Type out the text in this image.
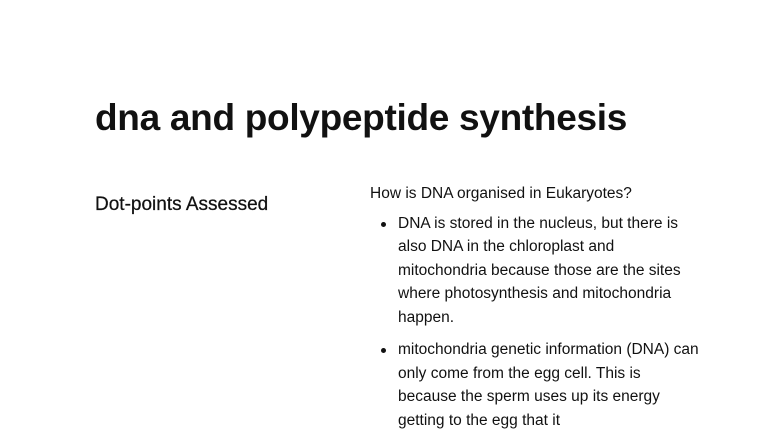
dna and polypeptide synthesis
Dot-points Assessed

How is DNA organised in Eukaryotes?

DNA is stored in the nucleus, but there is also DNA in the chloroplast and mitochondria because those are the sites where photosynthesis and mitochondria happen.
mitochondria genetic information (DNA) can only come from the egg cell. This is because the sperm uses up its energy getting to the egg that it
